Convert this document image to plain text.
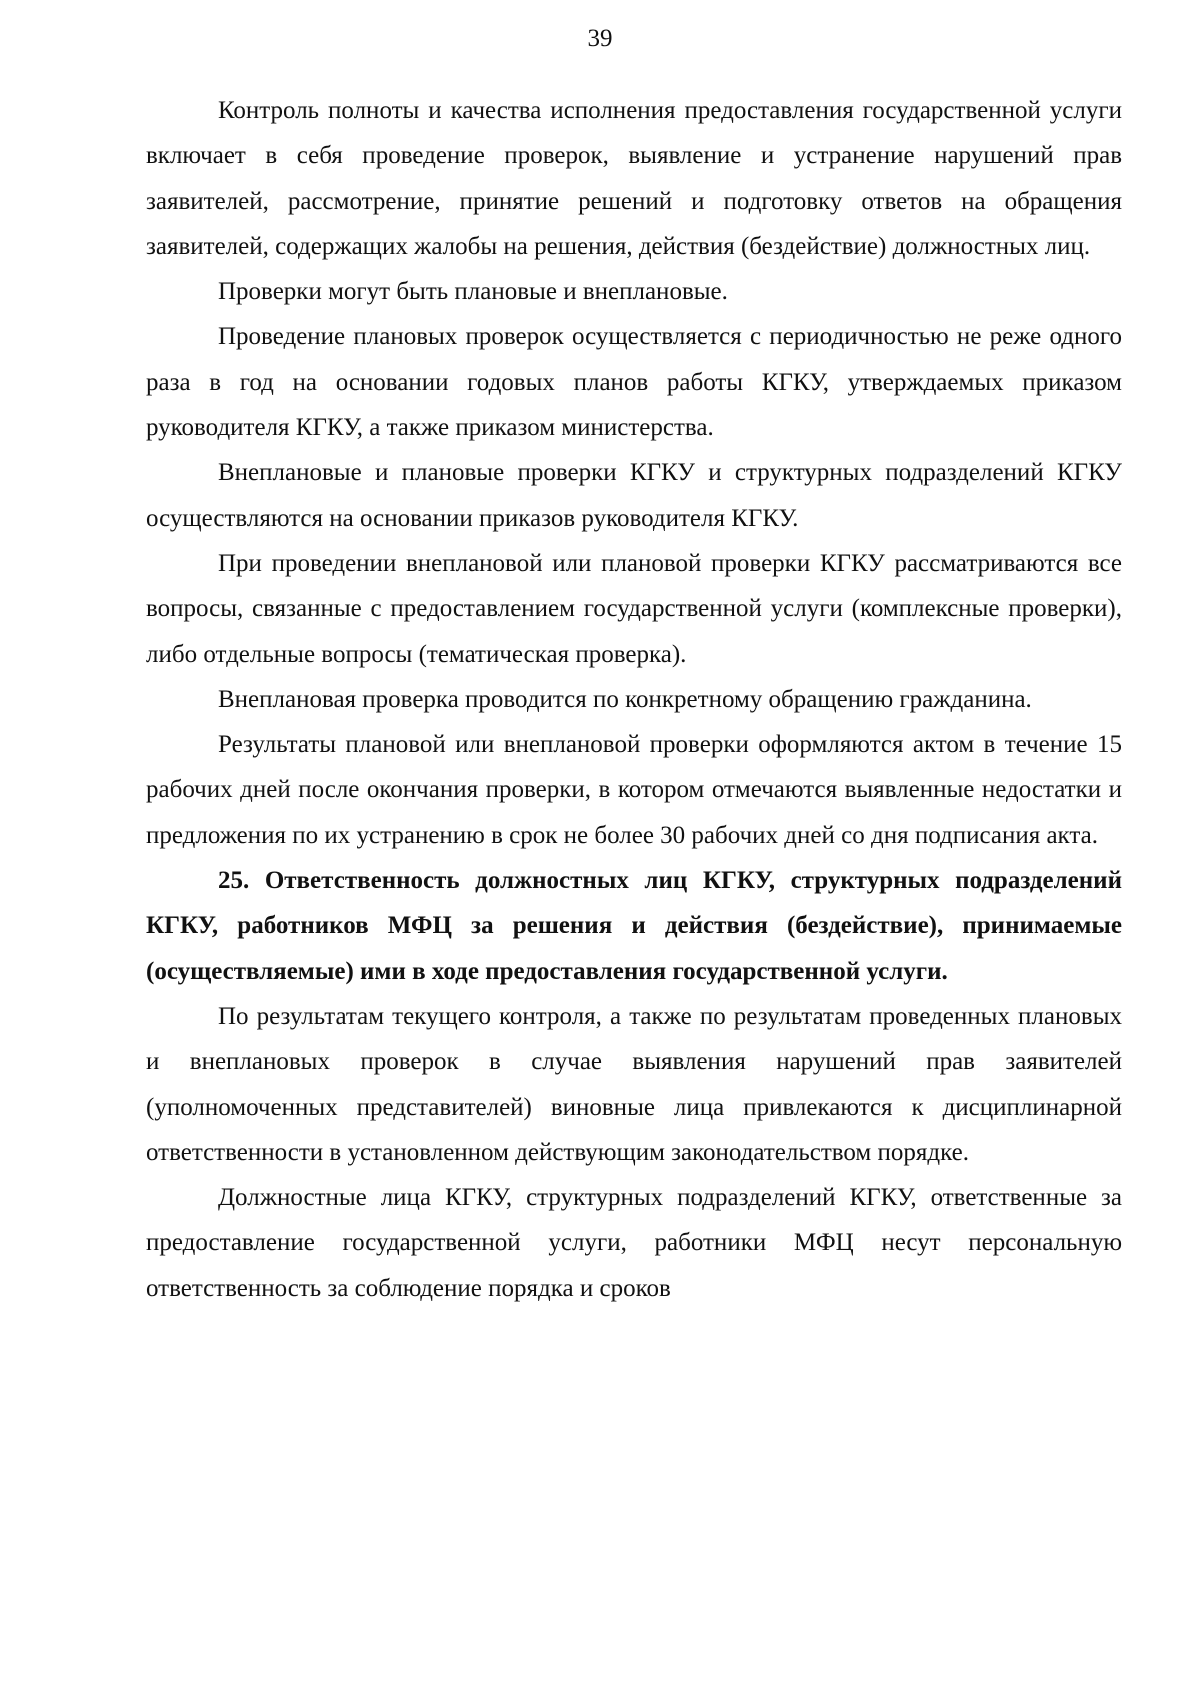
39

Контроль полноты и качества исполнения предоставления государственной услуги включает в себя проведение проверок, выявление и устранение нарушений прав заявителей, рассмотрение, принятие решений и подготовку ответов на обращения заявителей, содержащих жалобы на решения, действия (бездействие) должностных лиц.

Проверки могут быть плановые и внеплановые.

Проведение плановых проверок осуществляется с периодичностью не реже одного раза в год на основании годовых планов работы КГКУ, утверждаемых приказом руководителя КГКУ, а также приказом министерства.

Внеплановые и плановые проверки КГКУ и структурных подразделений КГКУ осуществляются на основании приказов руководителя КГКУ.

При проведении внеплановой или плановой проверки КГКУ рассматриваются все вопросы, связанные с предоставлением государственной услуги (комплексные проверки), либо отдельные вопросы (тематическая проверка).

Внеплановая проверка проводится по конкретному обращению гражданина.

Результаты плановой или внеплановой проверки оформляются актом в течение 15 рабочих дней после окончания проверки, в котором отмечаются выявленные недостатки и предложения по их устранению в срок не более 30 рабочих дней со дня подписания акта.

25. Ответственность должностных лиц КГКУ, структурных подразделений КГКУ, работников МФЦ за решения и действия (бездействие), принимаемые (осуществляемые) ими в ходе предоставления государственной услуги.

По результатам текущего контроля, а также по результатам проведенных плановых и внеплановых проверок в случае выявления нарушений прав заявителей (уполномоченных представителей) виновные лица привлекаются к дисциплинарной ответственности в установленном действующим законодательством порядке.

Должностные лица КГКУ, структурных подразделений КГКУ, ответственные за предоставление государственной услуги, работники МФЦ несут персональную ответственность за соблюдение порядка и сроков
